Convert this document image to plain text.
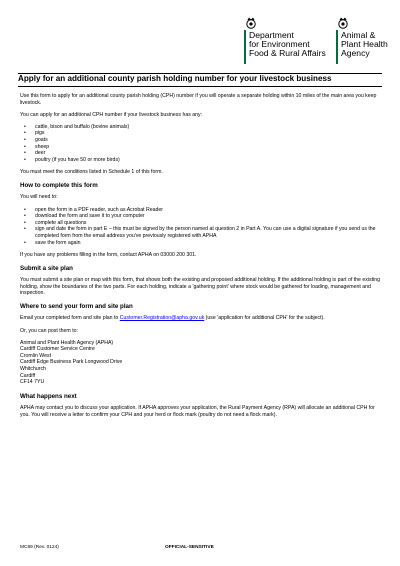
Department
for Environment
Food & Rural Affairs
Animal &
Plant Health
Agency
Apply for an additional county parish holding number for your livestock business

Use this form to apply for an additional county parish holding (CPH) number if you will operate a separate holding within 10 miles of the main area you keep livestock.

You can apply for an additional CPH number if your livestock business has any:

• cattle, bison and buffalo (bovine animals)
• pigs
• goats
• sheep
• deer
• poultry (if you have 50 or more birds)

You must meet the conditions listed in Schedule 1 of this form.

How to complete this form

You will need to:

• open the form in a PDF reader, such as Acrobat Reader
• download the form and save it to your computer
• complete all questions
• sign and date the form in part E – this must be signed by the person named at question 2 in Part A. You can use a digital signature if you send us the completed form from the email address you've previously registered with APHA
• save the form again

If you have any problems filling in the form, contact APHA on 03000 200 301.

Submit a site plan

You must submit a site plan or map with this form, that shows both the existing and proposed additional holding. If the additional holding is part of the existing holding, show the boundaries of the two parts. For each holding, indicate a 'gathering point' where stock would be gathered for loading, management and inspection.

Where to send your form and site plan

Email your completed form and site plan to Customer.Registration@apha.gov.uk (use 'application for additional CPH' for the subject).

Or, you can post them to:

Animal and Plant Health Agency (APHA)

Cardiff Customer Service Centre

Cromlin West

Cardiff Edge Business Park Longwood Drive

Whitchurch

Cardiff

CF14 7YU

What happens next

APHA may contact you to discuss your application. If APHA approves your application, the Rural Payment Agency (RPA) will allocate an additional CPH for you. You will receive a letter to confirm your CPH and your herd or flock mark (poultry do not need a flock mark).

MC89 (Rev. 0124)	OFFICIAL-SENSITIVE
